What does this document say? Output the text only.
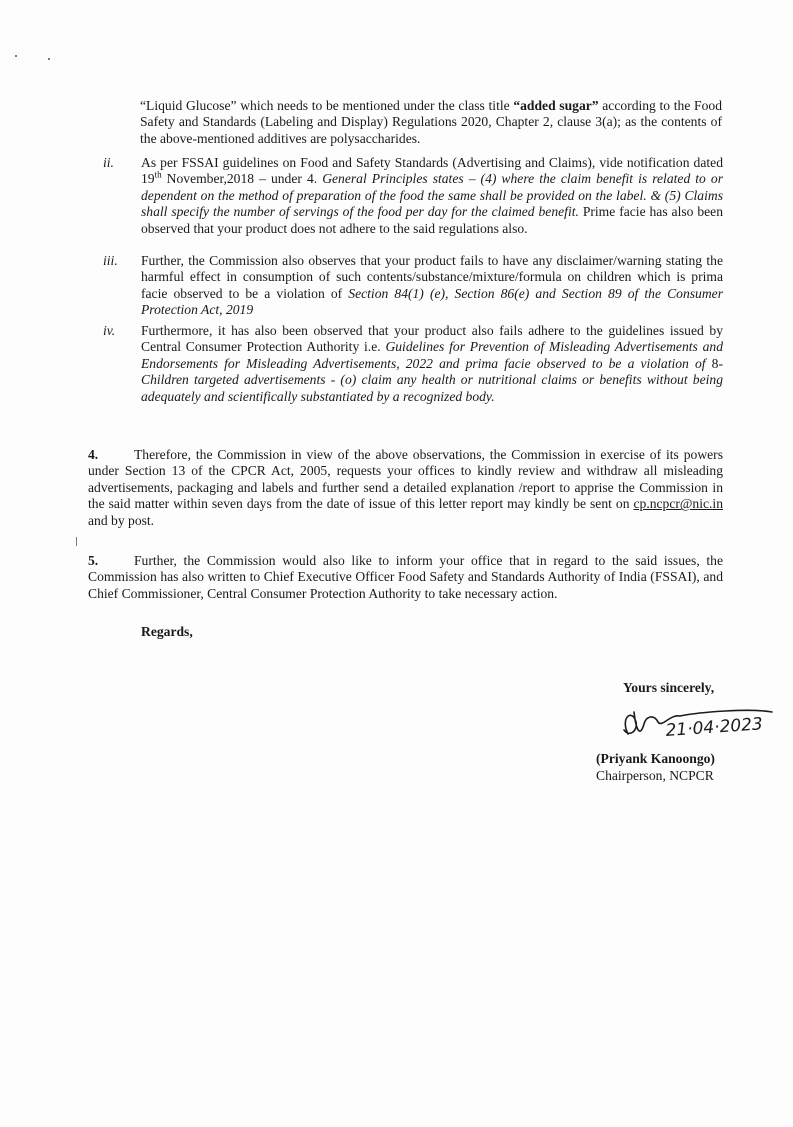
“Liquid Glucose” which needs to be mentioned under the class title “added sugar” according to the Food Safety and Standards (Labeling and Display) Regulations 2020, Chapter 2, clause 3(a); as the contents of the above-mentioned additives are polysaccharides.
ii.	As per FSSAI guidelines on Food and Safety Standards (Advertising and Claims), vide notification dated 19th November,2018 – under 4. General Principles states – (4) where the claim benefit is related to or dependent on the method of preparation of the food the same shall be provided on the label. & (5) Claims shall specify the number of servings of the food per day for the claimed benefit. Prime facie has also been observed that your product does not adhere to the said regulations also.
iii.	Further, the Commission also observes that your product fails to have any disclaimer/warning stating the harmful effect in consumption of such contents/substance/mixture/formula on children which is prima facie observed to be a violation of Section 84(1) (e), Section 86(e) and Section 89 of the Consumer Protection Act, 2019
iv.	Furthermore, it has also been observed that your product also fails adhere to the guidelines issued by Central Consumer Protection Authority i.e. Guidelines for Prevention of Misleading Advertisements and Endorsements for Misleading Advertisements, 2022 and prima facie observed to be a violation of 8- Children targeted advertisements - (o) claim any health or nutritional claims or benefits without being adequately and scientifically substantiated by a recognized body.
4.	Therefore, the Commission in view of the above observations, the Commission in exercise of its powers under Section 13 of the CPCR Act, 2005, requests your offices to kindly review and withdraw all misleading advertisements, packaging and labels and further send a detailed explanation /report to apprise the Commission in the said matter within seven days from the date of issue of this letter report may kindly be sent on cp.ncpcr@nic.in and by post.
5.	Further, the Commission would also like to inform your office that in regard to the said issues, the Commission has also written to Chief Executive Officer Food Safety and Standards Authority of India (FSSAI), and Chief Commissioner, Central Consumer Protection Authority to take necessary action.
Regards,
Yours sincerely,
21·04·2023
(Priyank Kanoongo)
Chairperson, NCPCR
